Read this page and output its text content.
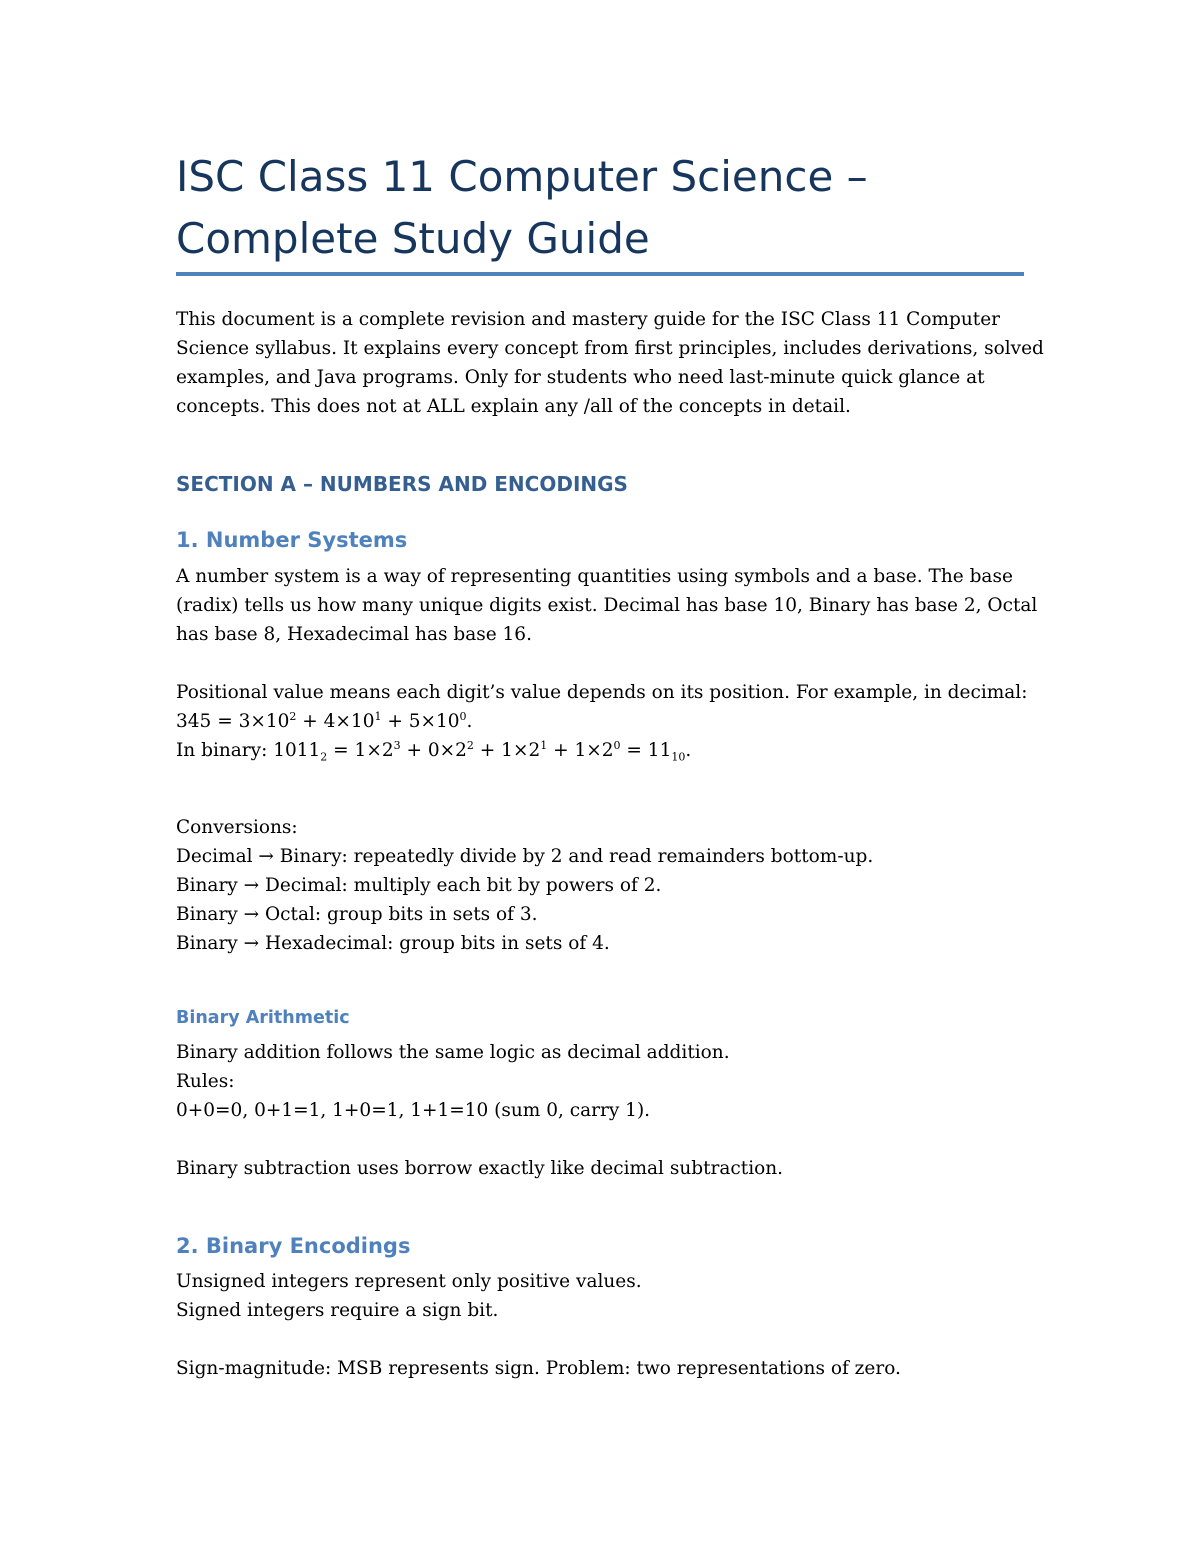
ISC Class 11 Computer Science –
Complete Study Guide
This document is a complete revision and mastery guide for the ISC Class 11 Computer
Science syllabus. It explains every concept from first principles, includes derivations, solved
examples, and Java programs. Only for students who need last-minute quick glance at
concepts. This does not at ALL explain any /all of the concepts in detail.
SECTION A – NUMBERS AND ENCODINGS
1. Number Systems
A number system is a way of representing quantities using symbols and a base. The base
(radix) tells us how many unique digits exist. Decimal has base 10, Binary has base 2, Octal
has base 8, Hexadecimal has base 16.
Positional value means each digit’s value depends on its position. For example, in decimal:
$345 = 3\times 10^2 + 4\times 10^1 + 5\times 10^0$.
In binary: $1011_2 = 1\times 2^3 + 0\times 2^2 + 1\times 2^1 + 1\times 2^0 = 11_{10}$.
Conversions:
Decimal → Binary: repeatedly divide by 2 and read remainders bottom-up.
Binary → Decimal: multiply each bit by powers of 2.
Binary → Octal: group bits in sets of 3.
Binary → Hexadecimal: group bits in sets of 4.
Binary Arithmetic
Binary addition follows the same logic as decimal addition.
Rules:
0+0=0, 0+1=1, 1+0=1, 1+1=10 (sum 0, carry 1).
Binary subtraction uses borrow exactly like decimal subtraction.
2. Binary Encodings
Unsigned integers represent only positive values.
Signed integers require a sign bit.
Sign-magnitude: MSB represents sign. Problem: two representations of zero.
